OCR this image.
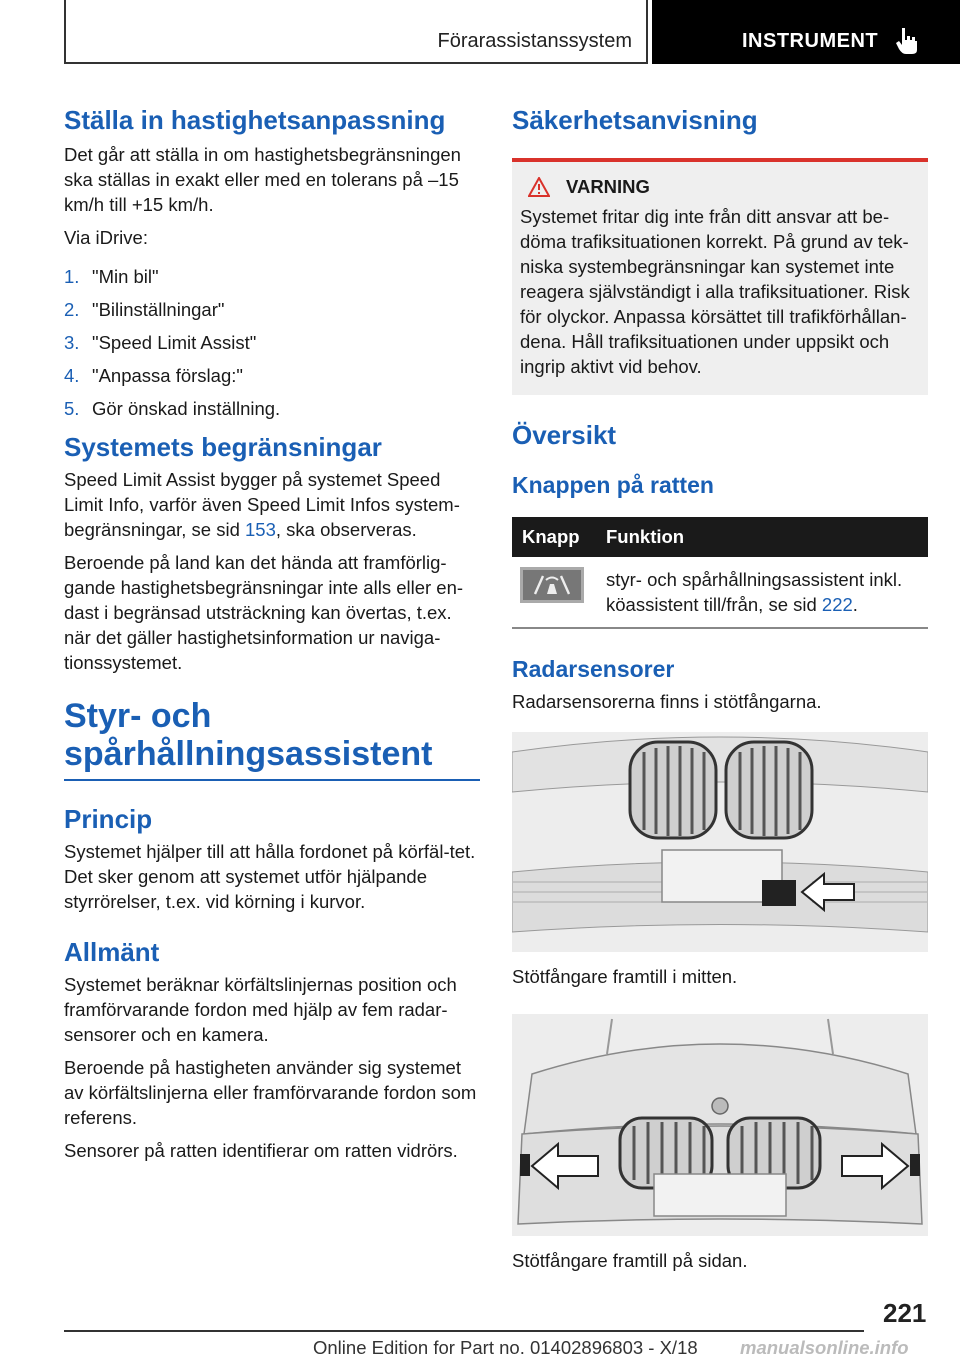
Förarassistanssystem	INSTRUMENT
Ställa in hastighetsanpassning
Det går att ställa in om hastighetsbegränsningen ska ställas in exakt eller med en tolerans på –15 km/h till +15 km/h.
Via iDrive:
1. "Min bil"
2. "Bilinställningar"
3. "Speed Limit Assist"
4. "Anpassa förslag:"
5. Gör önskad inställning.
Systemets begränsningar
Speed Limit Assist bygger på systemet Speed Limit Info, varför även Speed Limit Infos system-begränsningar, se sid 153, ska observeras.
Beroende på land kan det hända att framförlig-gande hastighetsbegränsningar inte alls eller en-dast i begränsad utsträckning kan övertas, t.ex. när det gäller hastighetsinformation ur naviga-tionssystemet.
Styr- och
spårhållningsassistent
Princip
Systemet hjälper till att hålla fordonet på körfäl-tet. Det sker genom att systemet utför hjälpande styrrörelser, t.ex. vid körning i kurvor.
Allmänt
Systemet beräknar körfältslinjernas position och framförvarande fordon med hjälp av fem radar-sensorer och en kamera.
Beroende på hastigheten använder sig systemet av körfältslinjerna eller framförvarande fordon som referens.
Sensorer på ratten identifierar om ratten vidrörs.
Säkerhetsanvisning
VARNING
Systemet fritar dig inte från ditt ansvar att be-döma trafiksituationen korrekt. På grund av tek-niska systembegränsningar kan systemet inte reagera självständigt i alla trafiksituationer. Risk för olyckor. Anpassa körsättet till trafikförhållan-dena. Håll trafiksituationen under uppsikt och ingrip aktivt vid behov.
Översikt
Knappen på ratten
Knapp	Funktion

	styr- och spårhållningsassistent inkl. köassistent till/från, se sid 222.
Radarsensorer
Radarsensorerna finns i stötfångarna.
Stötfångare framtill i mitten.
Stötfångare framtill på sidan.
221
Online Edition for Part no. 01402896803 - X/18 manualsonline.info
